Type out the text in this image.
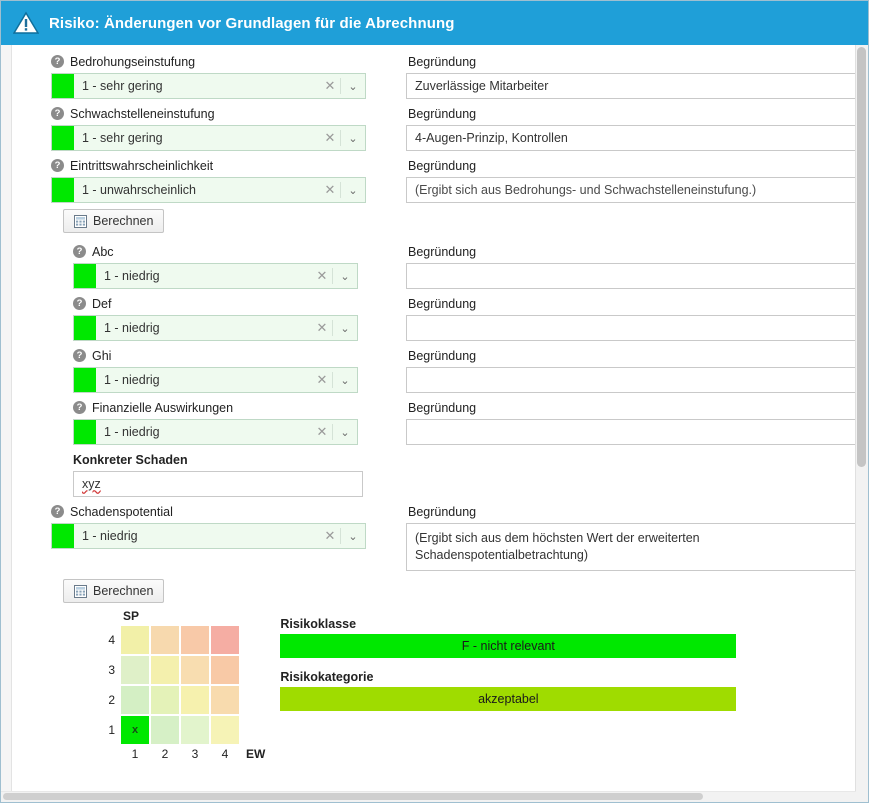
Risiko: Änderungen vor Grundlagen für die Abrechnung
? Bedrohungseinstufung
1 - sehr gering	✕	⌄
Begründung
Zuverlässige Mitarbeiter
? Schwachstelleneinstufung
1 - sehr gering	✕	⌄
Begründung
4-Augen-Prinzip, Kontrollen
? Eintrittswahrscheinlichkeit
1 - unwahrscheinlich	✕	⌄
Begründung
(Ergibt sich aus Bedrohungs- und Schwachstelleneinstufung.)
Berechnen
? Abc
1 - niedrig	✕	⌄
Begründung
? Def
1 - niedrig	✕	⌄
Begründung
? Ghi
1 - niedrig	✕	⌄
Begründung
? Finanzielle Auswirkungen
1 - niedrig	✕	⌄
Begründung
Konkreter Schaden
xyz
? Schadenspotential
1 - niedrig	✕	⌄
Begründung
(Ergibt sich aus dem höchsten Wert der erweiterten Schadenspotentialbetrachtung)
Berechnen
SP
4
3
2
1	x
1	2	3	4	EW
Risikoklasse
F - nicht relevant
Risikokategorie
akzeptabel
